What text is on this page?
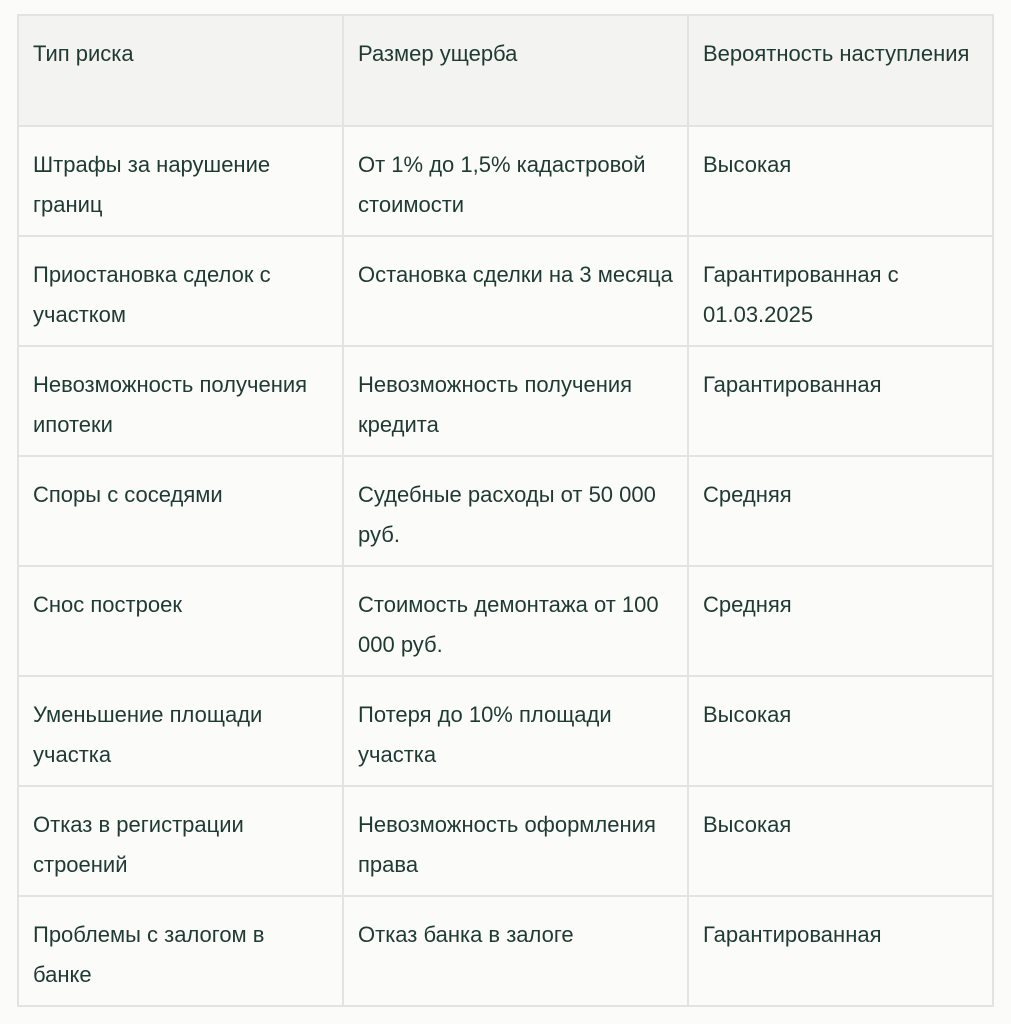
Тип риска	Размер ущерба	Вероятность наступления
Штрафы за нарушение границ	От 1% до 1,5% кадастровой стоимости	Высокая
Приостановка сделок с участком	Остановка сделки на 3 месяца	Гарантированная с 01.03.2025
Невозможность получения ипотеки	Невозможность получения кредита	Гарантированная
Споры с соседями	Судебные расходы от 50 000 руб.	Средняя
Снос построек	Стоимость демонтажа от 100 000 руб.	Средняя
Уменьшение площади участка	Потеря до 10% площади участка	Высокая
Отказ в регистрации строений	Невозможность оформления права	Высокая
Проблемы с залогом в банке	Отказ банка в залоге	Гарантированная
